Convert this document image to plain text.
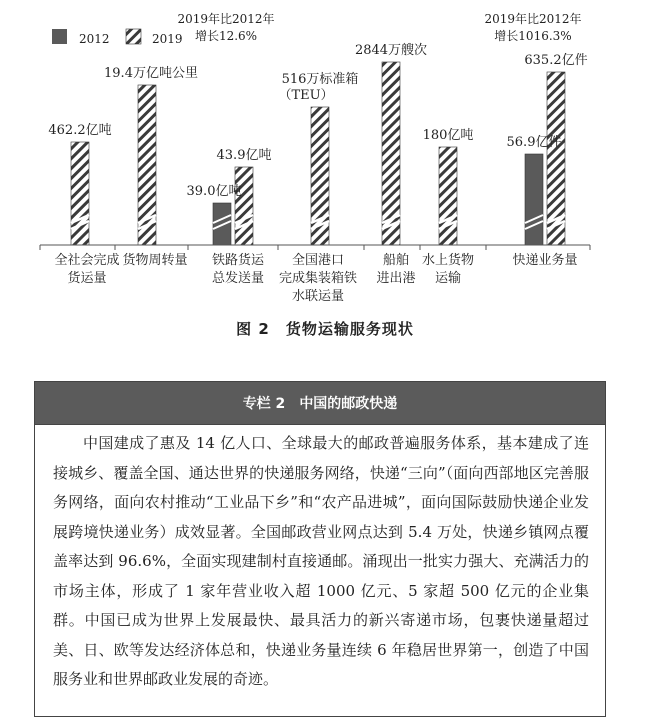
2012	2019
462.2亿吨
19.4万亿吨公里
39.0亿吨
43.9亿吨
516万标准箱
（TEU）
2844万艘次
180亿吨	56.9亿件
635.2亿件
2019年比2012年
增长12.6%
2019年比2012年
增长1016.3%
全社会完成
货运量
货物周转量 铁路货运
总发送量
全国港口
完成集装箱铁
水联运量
船舶
进出港
水上货物
运输
快递业务量
图 2　货物运输服务现状
专栏 2 中国的邮政快递

中国建成了惠及 14 亿人口、全球最大的邮政普遍服务体系，基本建成了连接城乡、覆盖全国、通达世界的快递服务网络，快递“三向”（面向西部地区完善服务网络，面向农村推动“工业品下乡”和“农产品进城”，面向国际鼓励快递企业发展跨境快递业务）成效显著。全国邮政营业网点达到 5.4 万处，快递乡镇网点覆盖率达到 96.6%，全面实现建制村直接通邮。涌现出一批实力强大、充满活力的市场主体，形成了 1 家年营业收入超 1000 亿元、5 家超 500 亿元的企业集群。中国已成为世界上发展最快、最具活力的新兴寄递市场，包裹快递量超过美、日、欧等发达经济体总和，快递业务量连续 6 年稳居世界第一，创造了中国服务业和世界邮政业发展的奇迹。
